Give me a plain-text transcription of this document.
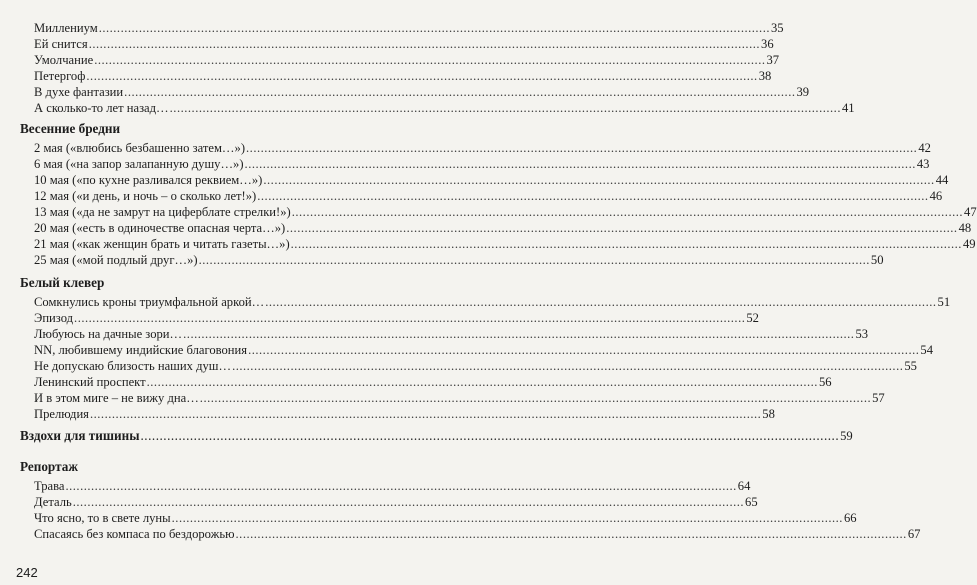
Миллениум .....	35
Ей снится .....	36
Умолчание .....	37
Петергоф .....	38
В духе фантазии .....	39
А сколько-то лет назад… .....	41
Весенние бредни
2 мая («влюбись безбашенно затем…») .....	42
6 мая («на запор залапанную душу…») .....	43
10 мая («по кухне разливался реквием…») .....	44
12 мая («и день, и ночь – о сколько лет!») .....	46
13 мая («да не замрут на циферблате стрелки!») .....	47
20 мая («есть в одиночестве опасная черта…») .....	48
21 мая («как женщин брать и читать газеты…») .....	49
25 мая («мой подлый друг…») .....	50
Белый клевер
Сомкнулись кроны триумфальной аркой… .....	51
Эпизод .....	52
Любуюсь на дачные зори… .....	53
NN, любившему индийские благовония .....	54
Не допускаю близость наших душ… .....	55
Ленинский проспект .....	56
И в этом миге – не вижу дна… .....	57
Прелюдия .....	58
Вздохи для тишины .....	59
Репортаж
Трава .....	64
Деталь .....	65
Что ясно, то в свете луны .....	66
Спасаясь без компаса по бездорожью .....	67
242
